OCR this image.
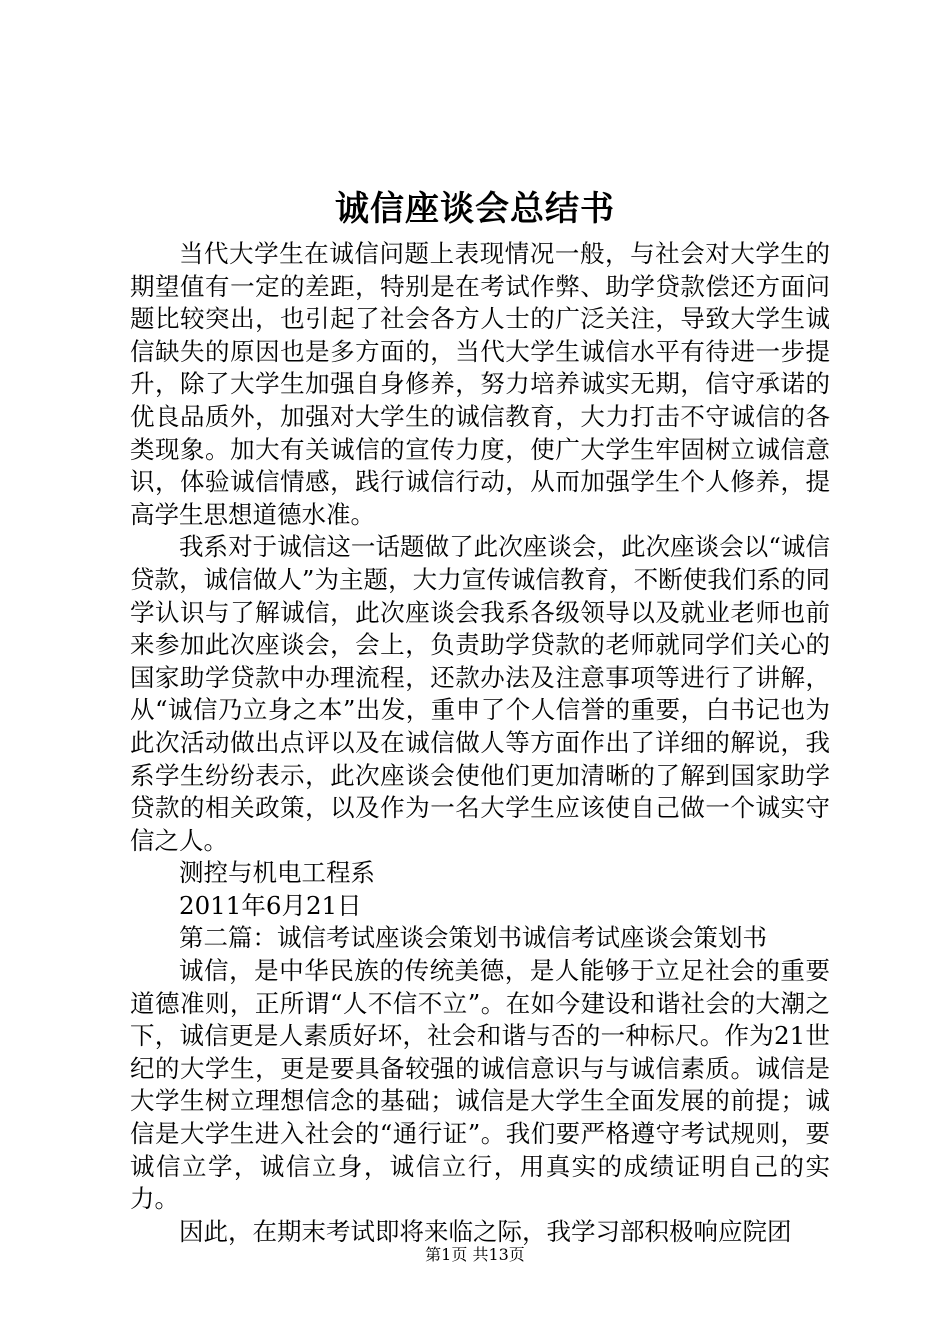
诚信座谈会总结书

当代大学生在诚信问题上表现情况一般，与社会对大学生的期望值有一定的差距，特别是在考试作弊、助学贷款偿还方面问题比较突出，也引起了社会各方人士的广泛关注，导致大学生诚信缺失的原因也是多方面的，当代大学生诚信水平有待进一步提升，除了大学生加强自身修养，努力培养诚实无期，信守承诺的优良品质外，加强对大学生的诚信教育，大力打击不守诚信的各类现象。加大有关诚信的宣传力度，使广大学生牢固树立诚信意识，体验诚信情感，践行诚信行动，从而加强学生个人修养，提高学生思想道德水准。

我系对于诚信这一话题做了此次座谈会，此次座谈会以“诚信贷款，诚信做人”为主题，大力宣传诚信教育，不断使我们系的同学认识与了解诚信，此次座谈会我系各级领导以及就业老师也前来参加此次座谈会，会上，负责助学贷款的老师就同学们关心的国家助学贷款中办理流程，还款办法及注意事项等进行了讲解，从“诚信乃立身之本”出发，重申了个人信誉的重要，白书记也为此次活动做出点评以及在诚信做人等方面作出了详细的解说，我系学生纷纷表示，此次座谈会使他们更加清晰的了解到国家助学贷款的相关政策，以及作为一名大学生应该使自己做一个诚实守信之人。

测控与机电工程系

2011年6月21日

第二篇：诚信考试座谈会策划书诚信考试座谈会策划书

诚信，是中华民族的传统美德，是人能够于立足社会的重要道德准则，正所谓“人不信不立”。在如今建设和谐社会的大潮之下，诚信更是人素质好坏，社会和谐与否的一种标尺。作为21世纪的大学生，更是要具备较强的诚信意识与与诚信素质。诚信是大学生树立理想信念的基础；诚信是大学生全面发展的前提；诚信是大学生进入社会的“通行证”。我们要严格遵守考试规则，要诚信立学，诚信立身，诚信立行，用真实的成绩证明自己的实力。

因此，在期末考试即将来临之际，我学习部积极响应院团

第1页 共13页
